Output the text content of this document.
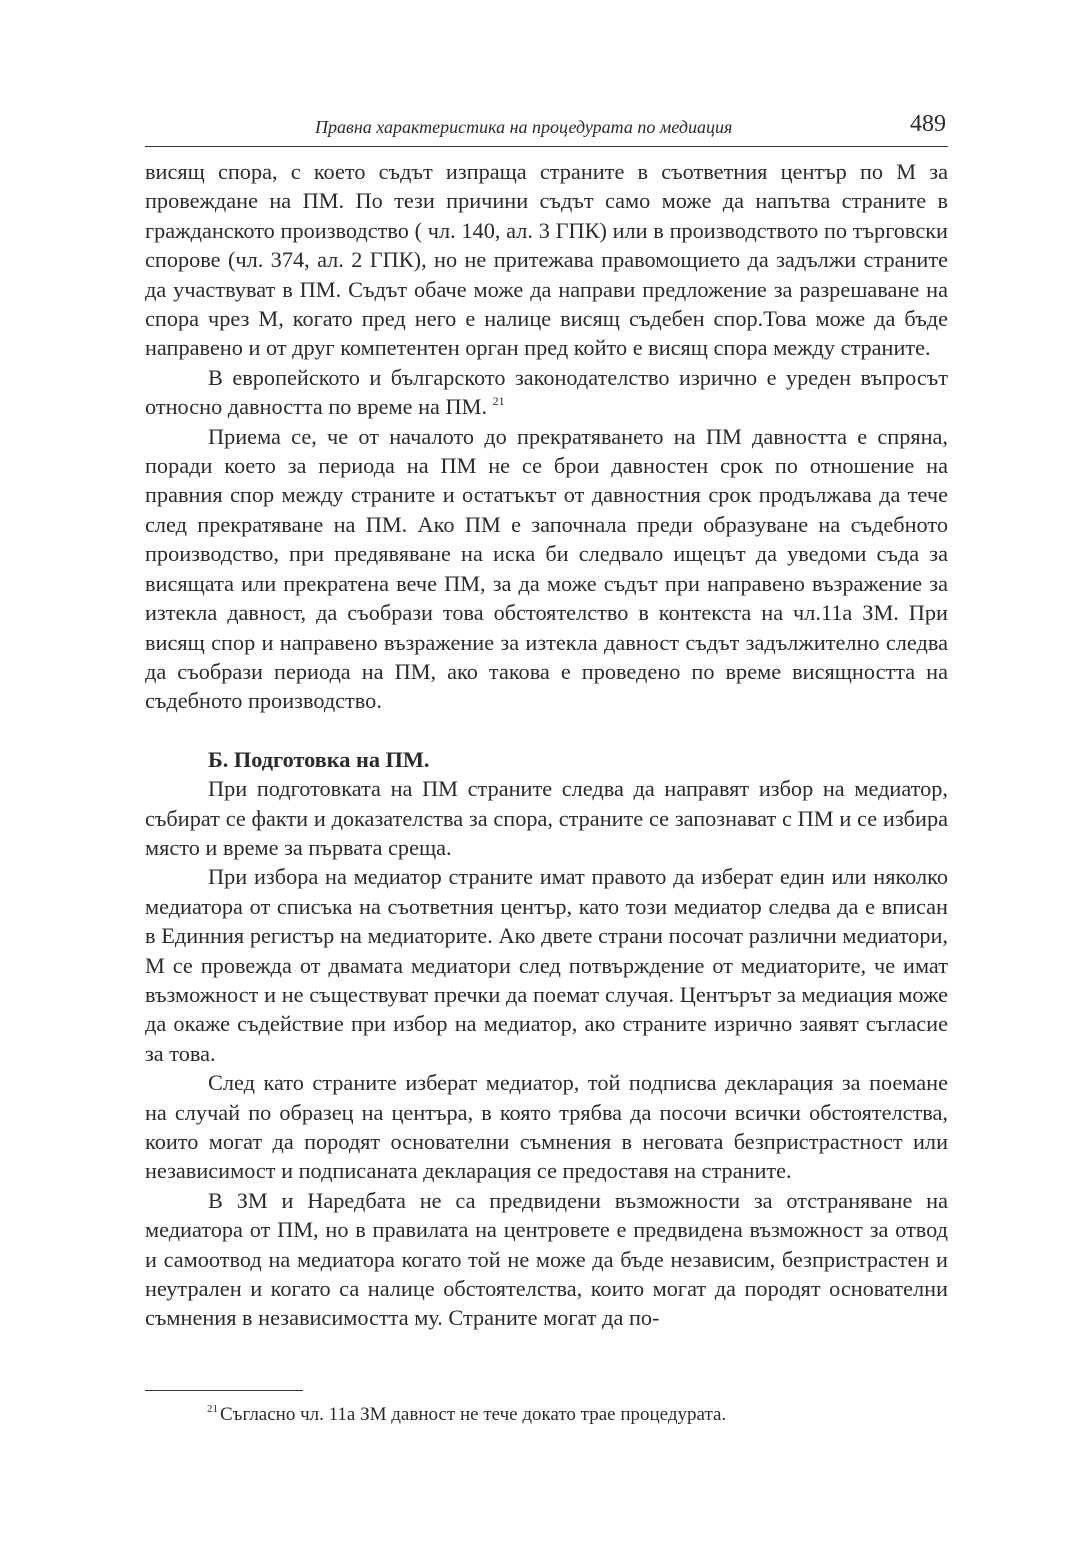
Правна характеристика на процедурата по медиация	489

висящ спора, с което съдът изпраща страните в съответния център по М за провеждане на ПМ. По тези причини съдът само може да напътва страните в гражданското производство ( чл. 140, ал. 3 ГПК) или в производството по търговски спорове (чл. 374, ал. 2 ГПК), но не притежава правомощието да задължи страните да участвуват в ПМ. Съдът обаче може да направи предложение за разрешаване на спора чрез М, когато пред него е налице висящ съдебен спор.Това може да бъде направено и от друг компетентен орган пред който е висящ спора между страните.

В европейското и българското законодателство изрично е уреден въпросът относно давността по време на ПМ. $^{21}$

Приема се, че от началото до прекратяването на ПМ давността е спряна, поради което за периода на ПМ не се брои давностен срок по отношение на правния спор между страните и остатъкът от давностния срок продължава да тече след прекратяване на ПМ. Ако ПМ е започнала преди образуване на съдебното производство, при предявяване на иска би следвало ищецът да уведоми съда за висящата или прекратена вече ПМ, за да може съдът при направено възражение за изтекла давност, да съобрази това обстоятелство в контекста на чл.11а ЗМ. При висящ спор и направено възражение за изтекла давност съдът задължително следва да съобрази периода на ПМ, ако такова е проведено по време висящността на съдебното производство.

Б. Подготовка на ПМ.

При подготовката на ПМ страните следва да направят избор на медиатор, събират се факти и доказателства за спора, страните се запознават с ПМ и се избира място и време за първата среща.

При избора на медиатор страните имат правото да изберат един или няколко медиатора от списъка на съответния център, като този медиатор следва да е вписан в Единния регистър на медиаторите. Ако двете страни посочат различни медиатори, М се провежда от двамата медиатори след потвърждение от медиаторите, че имат възможност и не съществуват пречки да поемат случая. Центърът за медиация може да окаже съдействие при избор на медиатор, ако страните изрично заявят съгласие за това.

След като страните изберат медиатор, той подписва декларация за поемане на случай по образец на центъра, в която трябва да посочи всички обстоятелства, които могат да породят основателни съмнения в неговата безпристрастност или независимост и подписаната декларация се предоставя на страните.

В ЗМ и Наредбата не са предвидени възможности за отстраняване на медиатора от ПМ, но в правилата на центровете е предвидена възможност за отвод и самоотвод на медиатора когато той не може да бъде независим, безпристрастен и неутрален и когато са налице обстоятелства, които могат да породят основателни съмнения в независимостта му. Страните могат да по-

$^{21}$ Съгласно чл. 11а ЗМ давност не тече докато трае процедурата.
